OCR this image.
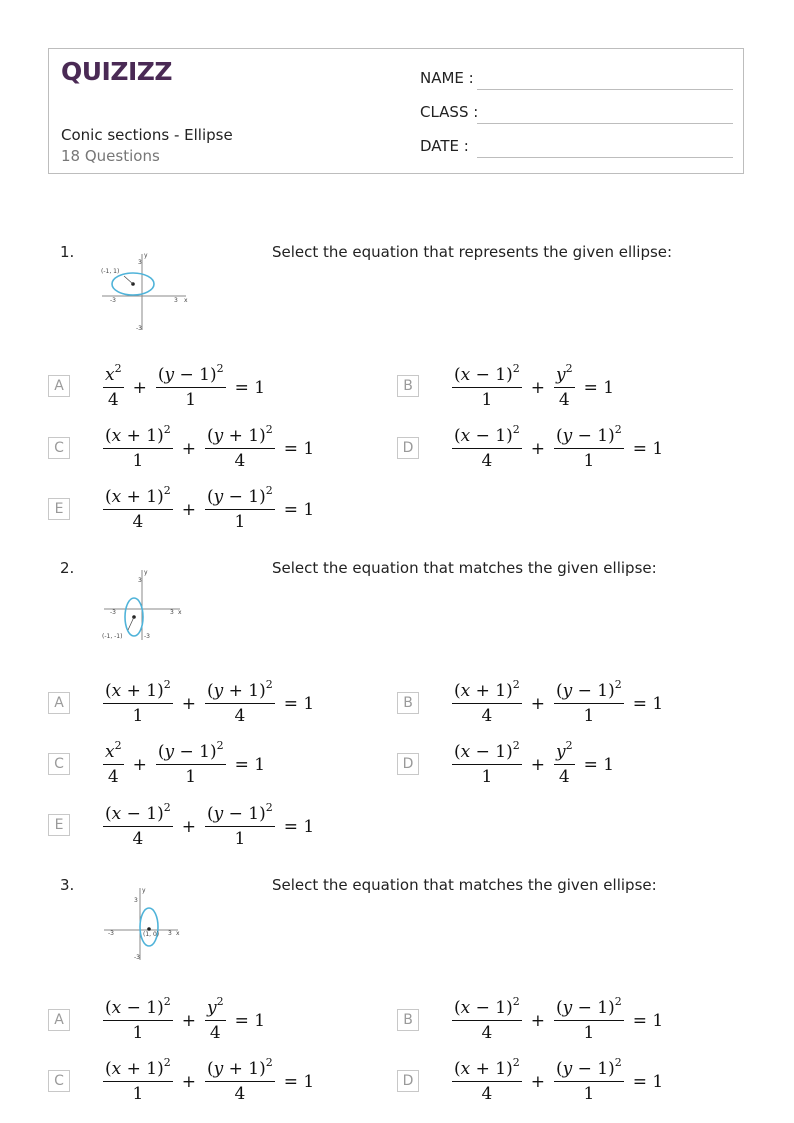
QUIZIZZ
Conic sections - Ellipse
18 Questions
NAME :
CLASS :
DATE :
1.	Select the equation that represents the given ellipse:
(-1, 1)
y
x
3
-3	3
-3
A	$\frac{x^2}{4} + \frac{(y - 1)^2}{1} = 1$	B	$\frac{(x - 1)^2}{1} + \frac{y^2}{4} = 1$
C	$\frac{(x + 1)^2}{1} + \frac{(y + 1)^2}{4} = 1$	D	$\frac{(x - 1)^2}{4} + \frac{(y - 1)^2}{1} = 1$
E	$\frac{(x + 1)^2}{4} + \frac{(y - 1)^2}{1} = 1$
2.	Select the equation that matches the given ellipse:
(-1, -1)
y
x
3
-3	3
-3
A	$\frac{(x + 1)^2}{1} + \frac{(y + 1)^2}{4} = 1$	B	$\frac{(x + 1)^2}{4} + \frac{(y - 1)^2}{1} = 1$
C	$\frac{x^2}{4} + \frac{(y - 1)^2}{1} = 1$	D	$\frac{(x - 1)^2}{1} + \frac{y^2}{4} = 1$
E	$\frac{(x - 1)^2}{4} + \frac{(y - 1)^2}{1} = 1$
3.	Select the equation that matches the given ellipse:
(1, 0)
y
x
3
-3	3
-3
A	$\frac{(x - 1)^2}{1} + \frac{y^2}{4} = 1$	B	$\frac{(x - 1)^2}{4} + \frac{(y - 1)^2}{1} = 1$
C	$\frac{(x + 1)^2}{1} + \frac{(y + 1)^2}{4} = 1$	D	$\frac{(x + 1)^2}{4} + \frac{(y - 1)^2}{1} = 1$
